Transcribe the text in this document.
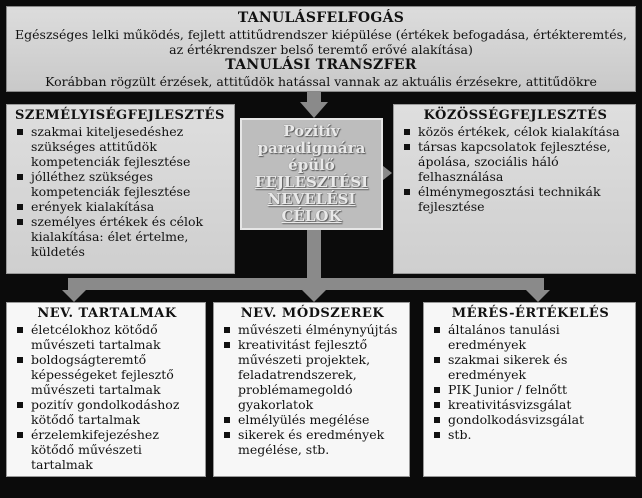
TANULÁSFELFOGÁS
Egészséges lelki működés, fejlett attitűdrendszer kiépülése (értékek befogadása, értékteremtés,
az értékrendszer belső teremtő erővé alakítása)
TANULÁSI TRANSZFER
Korábban rögzült érzések, attitűdök hatással vannak az aktuális érzésekre, attitűdökre
SZEMÉLYISÉGFEJLESZTÉS
szakmai kiteljesedéshez szükséges attitűdök kompetenciák fejlesztése
jólléthez szükséges kompetenciák fejlesztése
erények kialakítása
személyes értékek és célok kialakítása: élet értelme, küldetés
Pozitív
paradigmára
épülő
FEJLESZTÉSI
NEVELÉSI
CÉLOK
KÖZÖSSÉGFEJLESZTÉS
közös értékek, célok kialakítása
társas kapcsolatok fejlesztése, ápolása, szociális háló felhasználása
élménymegosztási technikák fejlesztése
NEV. TARTALMAK
életcélokhoz kötődő művészeti tartalmak
boldogságteremtő képességeket fejlesztő művészeti tartalmak
pozitív gondolkodáshoz kötődő tartalmak
érzelemkifejezéshez kötődő művészeti tartalmak
NEV. MÓDSZEREK
művészeti élménynyújtás
kreativitást fejlesztő művészeti projektek, feladatrendszerek, problémamegoldó gyakorlatok
elmélyülés megélése
sikerek és eredmények megélése, stb.
MÉRÉS-ÉRTÉKELÉS
általános tanulási eredmények
szakmai sikerek és eredmények
PIK Junior / felnőtt
kreativitásvizsgálat
gondolkodásvizsgálat
stb.
